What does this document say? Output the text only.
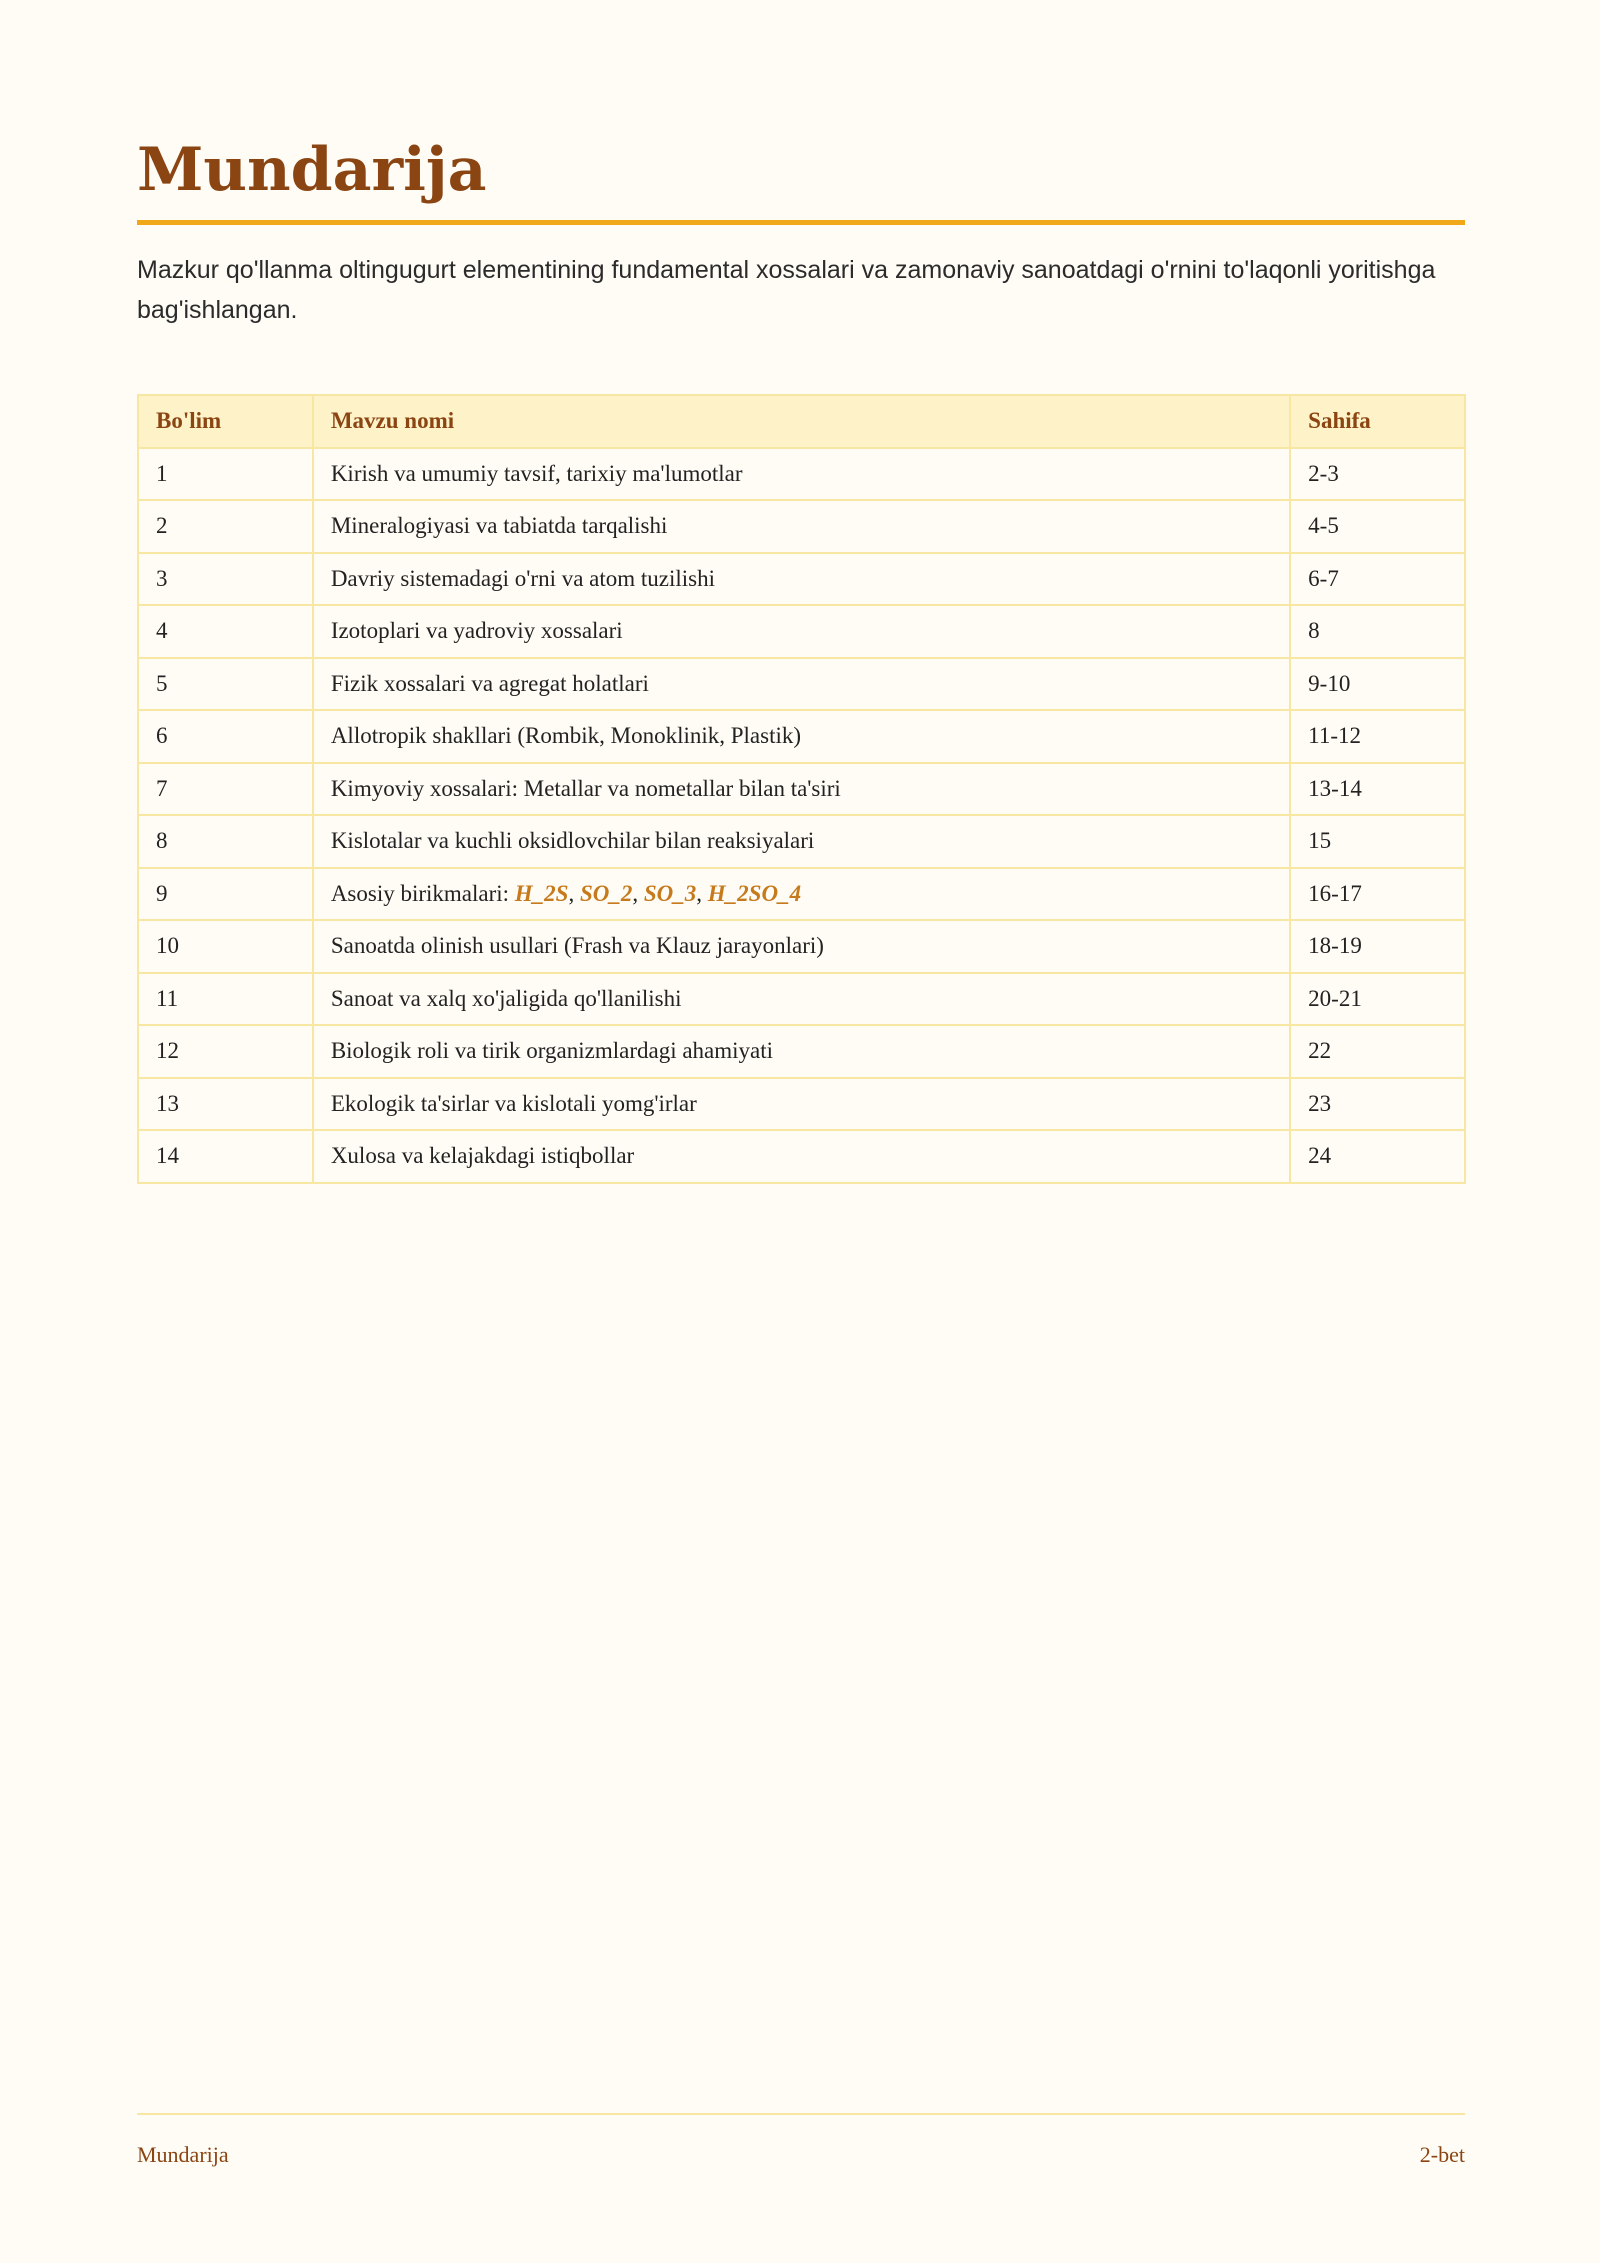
Mundarija

Mazkur qo'llanma oltingugurt elementining fundamental xossalari va zamonaviy sanoatdagi o'rnini to'laqonli yoritishga bag'ishlangan.

Bo'lim	Mavzu nomi	Sahifa
1	Kirish va umumiy tavsif, tarixiy ma'lumotlar	2-3
2	Mineralogiyasi va tabiatda tarqalishi	4-5
3	Davriy sistemadagi o'rni va atom tuzilishi	6-7
4	Izotoplari va yadroviy xossalari	8
5	Fizik xossalari va agregat holatlari	9-10
6	Allotropik shakllari (Rombik, Monoklinik, Plastik)	11-12
7	Kimyoviy xossalari: Metallar va nometallar bilan ta'siri	13-14
8	Kislotalar va kuchli oksidlovchilar bilan reaksiyalari	15
9	Asosiy birikmalari: H_2S, SO_2, SO_3, H_2SO_4	16-17
10	Sanoatda olinish usullari (Frash va Klauz jarayonlari)	18-19
11	Sanoat va xalq xo'jaligida qo'llanilishi	20-21
12	Biologik roli va tirik organizmlardagi ahamiyati	22
13	Ekologik ta'sirlar va kislotali yomg'irlar	23
14	Xulosa va kelajakdagi istiqbollar	24
Mundarija	2-bet
